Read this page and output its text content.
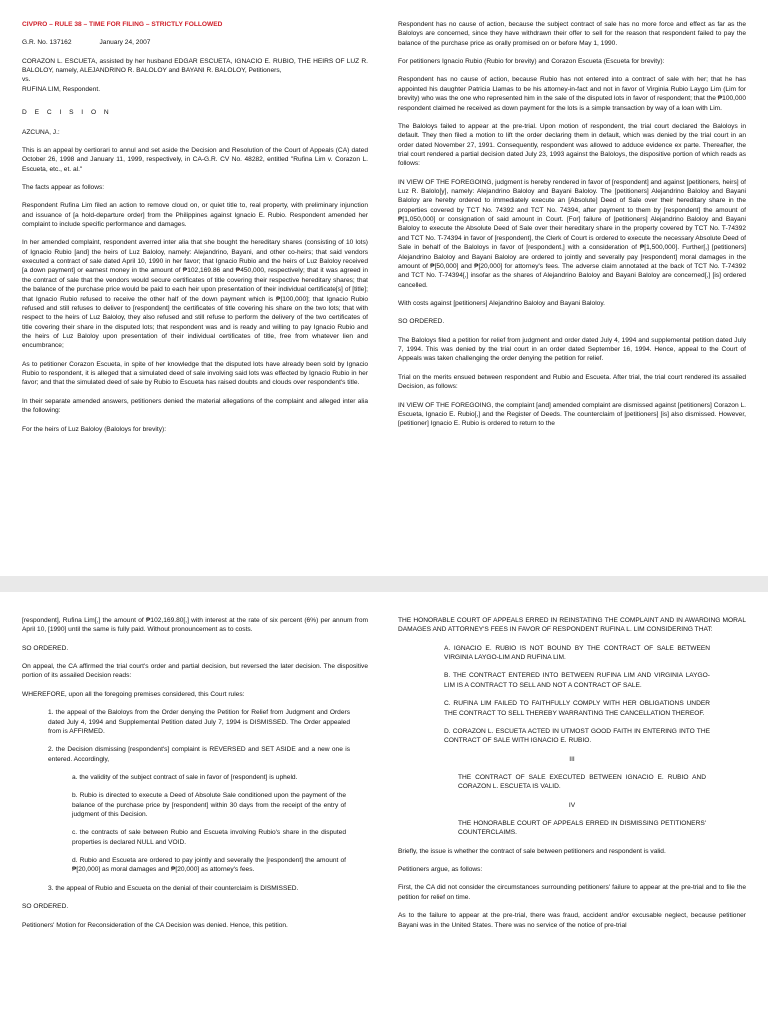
CIVPRO – RULE 38 – TIME FOR FILING – STRICTLY FOLLOWED

G.R. No. 137162	January 24, 2007

CORAZON L. ESCUETA, assisted by her husband EDGAR ESCUETA, IGNACIO E. RUBIO, THE HEIRS OF LUZ R. BALOLOY, namely, ALEJANDRINO R. BALOLOY and BAYANI R. BALOLOY, Petitioners,

vs.

RUFINA LIM, Respondent.

D E C I S I O N

AZCUNA, J.:

This is an appeal by certiorari to annul and set aside the Decision and Resolution of the Court of Appeals (CA) dated October 26, 1998 and January 11, 1999, respectively, in CA-G.R. CV No. 48282, entitled "Rufina Lim v. Corazon L. Escueta, etc., et. al."

The facts appear as follows:

Respondent Rufina Lim filed an action to remove cloud on, or quiet title to, real property, with preliminary injunction and issuance of [a hold-departure order] from the Philippines against Ignacio E. Rubio. Respondent amended her complaint to include specific performance and damages.

In her amended complaint, respondent averred inter alia that she bought the hereditary shares (consisting of 10 lots) of Ignacio Rubio [and] the heirs of Luz Baloloy, namely: Alejandrino, Bayani, and other co-heirs; that said vendors executed a contract of sale dated April 10, 1990 in her favor; that Ignacio Rubio and the heirs of Luz Baloloy received [a down payment] or earnest money in the amount of ₱102,169.86 and ₱450,000, respectively; that it was agreed in the contract of sale that the vendors would secure certificates of title covering their respective hereditary shares; that the balance of the purchase price would be paid to each heir upon presentation of their individual certificate[s] of [title]; that Ignacio Rubio refused to receive the other half of the down payment which is ₱[100,000]; that Ignacio Rubio refused and still refuses to deliver to [respondent] the certificates of title covering his share on the two lots; that with respect to the heirs of Luz Baloloy, they also refused and still refuse to perform the delivery of the two certificates of title covering their share in the disputed lots; that respondent was and is ready and willing to pay Ignacio Rubio and the heirs of Luz Baloloy upon presentation of their individual certificates of title, free from whatever lien and encumbrance;

As to petitioner Corazon Escueta, in spite of her knowledge that the disputed lots have already been sold by Ignacio Rubio to respondent, it is alleged that a simulated deed of sale involving said lots was effected by Ignacio Rubio in her favor; and that the simulated deed of sale by Rubio to Escueta has raised doubts and clouds over respondent's title.

In their separate amended answers, petitioners denied the material allegations of the complaint and alleged inter alia the following:

For the heirs of Luz Baloloy (Baloloys for brevity):

Respondent has no cause of action, because the subject contract of sale has no more force and effect as far as the Baloloys are concerned, since they have withdrawn their offer to sell for the reason that respondent failed to pay the balance of the purchase price as orally promised on or before May 1, 1990.

For petitioners Ignacio Rubio (Rubio for brevity) and Corazon Escueta (Escueta for brevity):

Respondent has no cause of action, because Rubio has not entered into a contract of sale with her; that he has appointed his daughter Patricia Llamas to be his attorney-in-fact and not in favor of Virginia Rubio Laygo Lim (Lim for brevity) who was the one who represented him in the sale of the disputed lots in favor of respondent; that the ₱100,000 respondent claimed he received as down payment for the lots is a simple transaction by way of a loan with Lim.

The Baloloys failed to appear at the pre-trial. Upon motion of respondent, the trial court declared the Baloloys in default. They then filed a motion to lift the order declaring them in default, which was denied by the trial court in an order dated November 27, 1991. Consequently, respondent was allowed to adduce evidence ex parte. Thereafter, the trial court rendered a partial decision dated July 23, 1993 against the Baloloys, the dispositive portion of which reads as follows:

IN VIEW OF THE FOREGOING, judgment is hereby rendered in favor of [respondent] and against [petitioners, heirs] of Luz R. Balolo[y], namely: Alejandrino Baloloy and Bayani Baloloy. The [petitioners] Alejandrino Baloloy and Bayani Baloloy are hereby ordered to immediately execute an [Absolute] Deed of Sale over their hereditary share in the properties covered by TCT No. 74392 and TCT No. 74394, after payment to them by [respondent] the amount of ₱[1,050,000] or consignation of said amount in Court. [For] failure of [petitioners] Alejandrino Baloloy and Bayani Baloloy to execute the Absolute Deed of Sale over their hereditary share in the property covered by TCT No. T-74392 and TCT No. T-74394 in favor of [respondent], the Clerk of Court is ordered to execute the necessary Absolute Deed of Sale in behalf of the Baloloys in favor of [respondent,] with a consideration of ₱[1,500,000]. Further[,] [petitioners] Alejandrino Baloloy and Bayani Baloloy are ordered to jointly and severally pay [respondent] moral damages in the amount of ₱[50,000] and ₱[20,000] for attorney's fees. The adverse claim annotated at the back of TCT No. T-74392 and TCT No. T-74394[,] insofar as the shares of Alejandrino Baloloy and Bayani Baloloy are concerned[,] [is] ordered cancelled.

With costs against [petitioners] Alejandrino Baloloy and Bayani Baloloy.

SO ORDERED.

The Baloloys filed a petition for relief from judgment and order dated July 4, 1994 and supplemental petition dated July 7, 1994. This was denied by the trial court in an order dated September 16, 1994. Hence, appeal to the Court of Appeals was taken challenging the order denying the petition for relief.

Trial on the merits ensued between respondent and Rubio and Escueta. After trial, the trial court rendered its assailed Decision, as follows:

IN VIEW OF THE FOREGOING, the complaint [and] amended complaint are dismissed against [petitioners] Corazon L. Escueta, Ignacio E. Rubio[,] and the Register of Deeds. The counterclaim of [petitioners] [is] also dismissed. However, [petitioner] Ignacio E. Rubio is ordered to return to the

[respondent], Rufina Lim[,] the amount of ₱102,169.80[,] with interest at the rate of six percent (6%) per annum from April 10, [1990] until the same is fully paid. Without pronouncement as to costs.

SO ORDERED.

On appeal, the CA affirmed the trial court's order and partial decision, but reversed the later decision. The dispositive portion of its assailed Decision reads:

WHEREFORE, upon all the foregoing premises considered, this Court rules:

1. the appeal of the Baloloys from the Order denying the Petition for Relief from Judgment and Orders dated July 4, 1994 and Supplemental Petition dated July 7, 1994 is DISMISSED. The Order appealed from is AFFIRMED.

2. the Decision dismissing [respondent's] complaint is REVERSED and SET ASIDE and a new one is entered. Accordingly,

a. the validity of the subject contract of sale in favor of [respondent] is upheld.

b. Rubio is directed to execute a Deed of Absolute Sale conditioned upon the payment of the balance of the purchase price by [respondent] within 30 days from the receipt of the entry of judgment of this Decision.

c. the contracts of sale between Rubio and Escueta involving Rubio's share in the disputed properties is declared NULL and VOID.

d. Rubio and Escueta are ordered to pay jointly and severally the [respondent] the amount of ₱[20,000] as moral damages and ₱[20,000] as attorney's fees.

3. the appeal of Rubio and Escueta on the denial of their counterclaim is DISMISSED.

SO ORDERED.

Petitioners' Motion for Reconsideration of the CA Decision was denied. Hence, this petition.

THE HONORABLE COURT OF APPEALS ERRED IN REINSTATING THE COMPLAINT AND IN AWARDING MORAL DAMAGES AND ATTORNEY'S FEES IN FAVOR OF RESPONDENT RUFINA L. LIM CONSIDERING THAT:

A. IGNACIO E. RUBIO IS NOT BOUND BY THE CONTRACT OF SALE BETWEEN VIRGINIA LAYGO-LIM AND RUFINA LIM.

B. THE CONTRACT ENTERED INTO BETWEEN RUFINA LIM AND VIRGINIA LAYGO-LIM IS A CONTRACT TO SELL AND NOT A CONTRACT OF SALE.

C. RUFINA LIM FAILED TO FAITHFULLY COMPLY WITH HER OBLIGATIONS UNDER THE CONTRACT TO SELL THEREBY WARRANTING THE CANCELLATION THEREOF.

D. CORAZON L. ESCUETA ACTED IN UTMOST GOOD FAITH IN ENTERING INTO THE CONTRACT OF SALE WITH IGNACIO E. RUBIO.

III

THE CONTRACT OF SALE EXECUTED BETWEEN IGNACIO E. RUBIO AND CORAZON L. ESCUETA IS VALID.

IV

THE HONORABLE COURT OF APPEALS ERRED IN DISMISSING PETITIONERS' COUNTERCLAIMS.

Briefly, the issue is whether the contract of sale between petitioners and respondent is valid.

Petitioners argue, as follows:

First, the CA did not consider the circumstances surrounding petitioners' failure to appear at the pre-trial and to file the petition for relief on time.

As to the failure to appear at the pre-trial, there was fraud, accident and/or excusable neglect, because petitioner Bayani was in the United States. There was no service of the notice of pre-trial
